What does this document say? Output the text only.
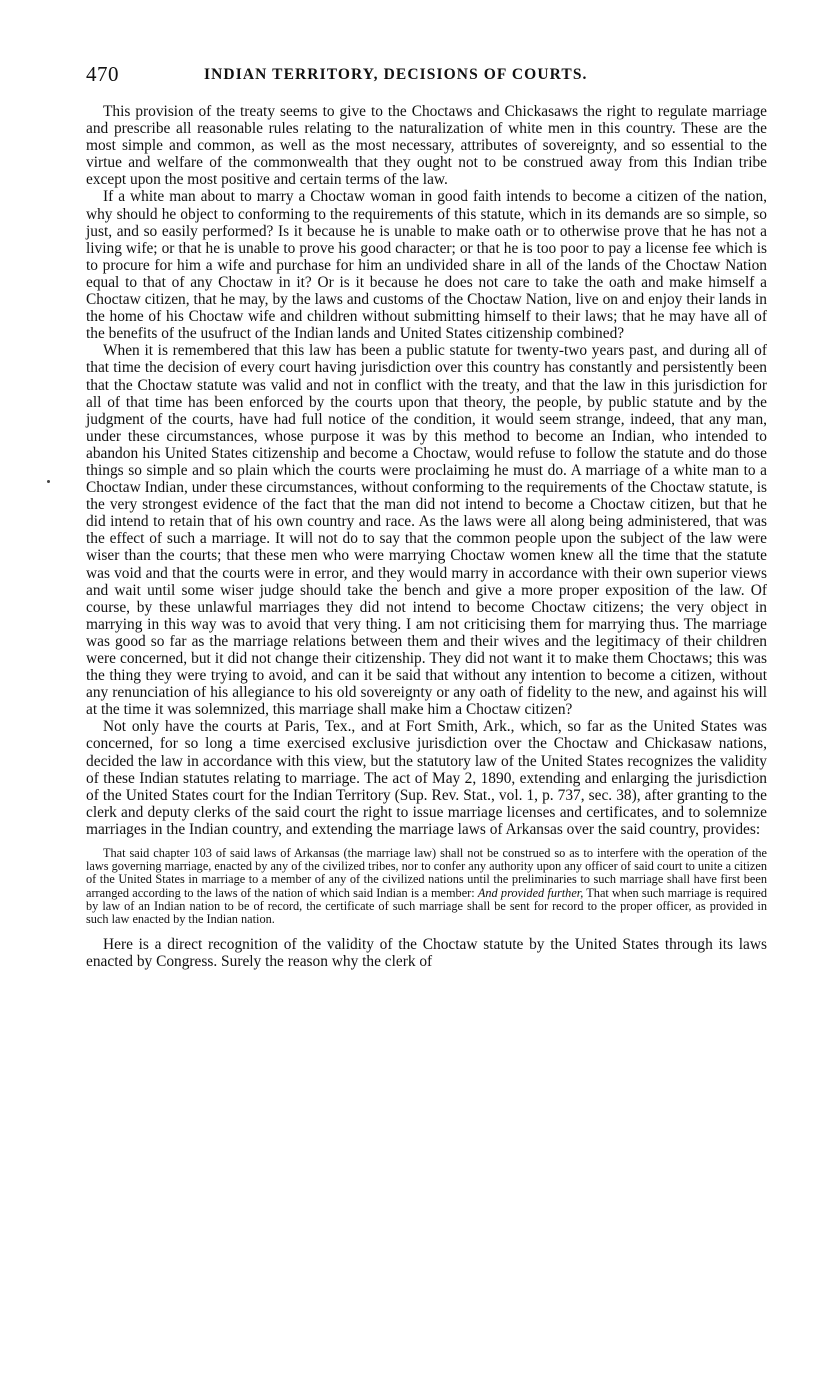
470	INDIAN TERRITORY, DECISIONS OF COURTS.

This provision of the treaty seems to give to the Choctaws and Chickasaws the right to regulate marriage and prescribe all reasonable rules relating to the naturalization of white men in this country. These are the most simple and common, as well as the most necessary, attributes of sovereignty, and so essential to the virtue and welfare of the commonwealth that they ought not to be construed away from this Indian tribe except upon the most positive and certain terms of the law.

If a white man about to marry a Choctaw woman in good faith intends to become a citizen of the nation, why should he object to conforming to the requirements of this statute, which in its demands are so simple, so just, and so easily performed? Is it because he is unable to make oath or to otherwise prove that he has not a living wife; or that he is unable to prove his good character; or that he is too poor to pay a license fee which is to procure for him a wife and purchase for him an undivided share in all of the lands of the Choctaw Nation equal to that of any Choctaw in it? Or is it because he does not care to take the oath and make himself a Choctaw citizen, that he may, by the laws and customs of the Choctaw Nation, live on and enjoy their lands in the home of his Choctaw wife and children without submitting himself to their laws; that he may have all of the benefits of the usufruct of the Indian lands and United States citizenship combined?

When it is remembered that this law has been a public statute for twenty-two years past, and during all of that time the decision of every court having jurisdiction over this country has constantly and persistently been that the Choctaw statute was valid and not in conflict with the treaty, and that the law in this jurisdiction for all of that time has been enforced by the courts upon that theory, the people, by public statute and by the judgment of the courts, have had full notice of the condition, it would seem strange, indeed, that any man, under these circumstances, whose purpose it was by this method to become an Indian, who intended to abandon his United States citizenship and become a Choctaw, would refuse to follow the statute and do those things so simple and so plain which the courts were proclaiming he must do. A marriage of a white man to a Choctaw Indian, under these circumstances, without conforming to the requirements of the Choctaw statute, is the very strongest evidence of the fact that the man did not intend to become a Choctaw citizen, but that he did intend to retain that of his own country and race. As the laws were all along being administered, that was the effect of such a marriage. It will not do to say that the common people upon the subject of the law were wiser than the courts; that these men who were marrying Choctaw women knew all the time that the statute was void and that the courts were in error, and they would marry in accordance with their own superior views and wait until some wiser judge should take the bench and give a more proper exposition of the law. Of course, by these unlawful marriages they did not intend to become Choctaw citizens; the very object in marrying in this way was to avoid that very thing. I am not criticising them for marrying thus. The marriage was good so far as the marriage relations between them and their wives and the legitimacy of their children were concerned, but it did not change their citizenship. They did not want it to make them Choctaws; this was the thing they were trying to avoid, and can it be said that without any intention to become a citizen, without any renunciation of his allegiance to his old sovereignty or any oath of fidelity to the new, and against his will at the time it was solemnized, this marriage shall make him a Choctaw citizen?

Not only have the courts at Paris, Tex., and at Fort Smith, Ark., which, so far as the United States was concerned, for so long a time exercised exclusive jurisdiction over the Choctaw and Chickasaw nations, decided the law in accordance with this view, but the statutory law of the United States recognizes the validity of these Indian statutes relating to marriage. The act of May 2, 1890, extending and enlarging the jurisdiction of the United States court for the Indian Territory (Sup. Rev. Stat., vol. 1, p. 737, sec. 38), after granting to the clerk and deputy clerks of the said court the right to issue marriage licenses and certificates, and to solemnize marriages in the Indian country, and extending the marriage laws of Arkansas over the said country, provides:

That said chapter 103 of said laws of Arkansas (the marriage law) shall not be construed so as to interfere with the operation of the laws governing marriage, enacted by any of the civilized tribes, nor to confer any authority upon any officer of said court to unite a citizen of the United States in marriage to a member of any of the civilized nations until the preliminaries to such marriage shall have first been arranged according to the laws of the nation of which said Indian is a member: And provided further, That when such marriage is required by law of an Indian nation to be of record, the certificate of such marriage shall be sent for record to the proper officer, as provided in such law enacted by the Indian nation.

Here is a direct recognition of the validity of the Choctaw statute by the United States through its laws enacted by Congress. Surely the reason why the clerk of
